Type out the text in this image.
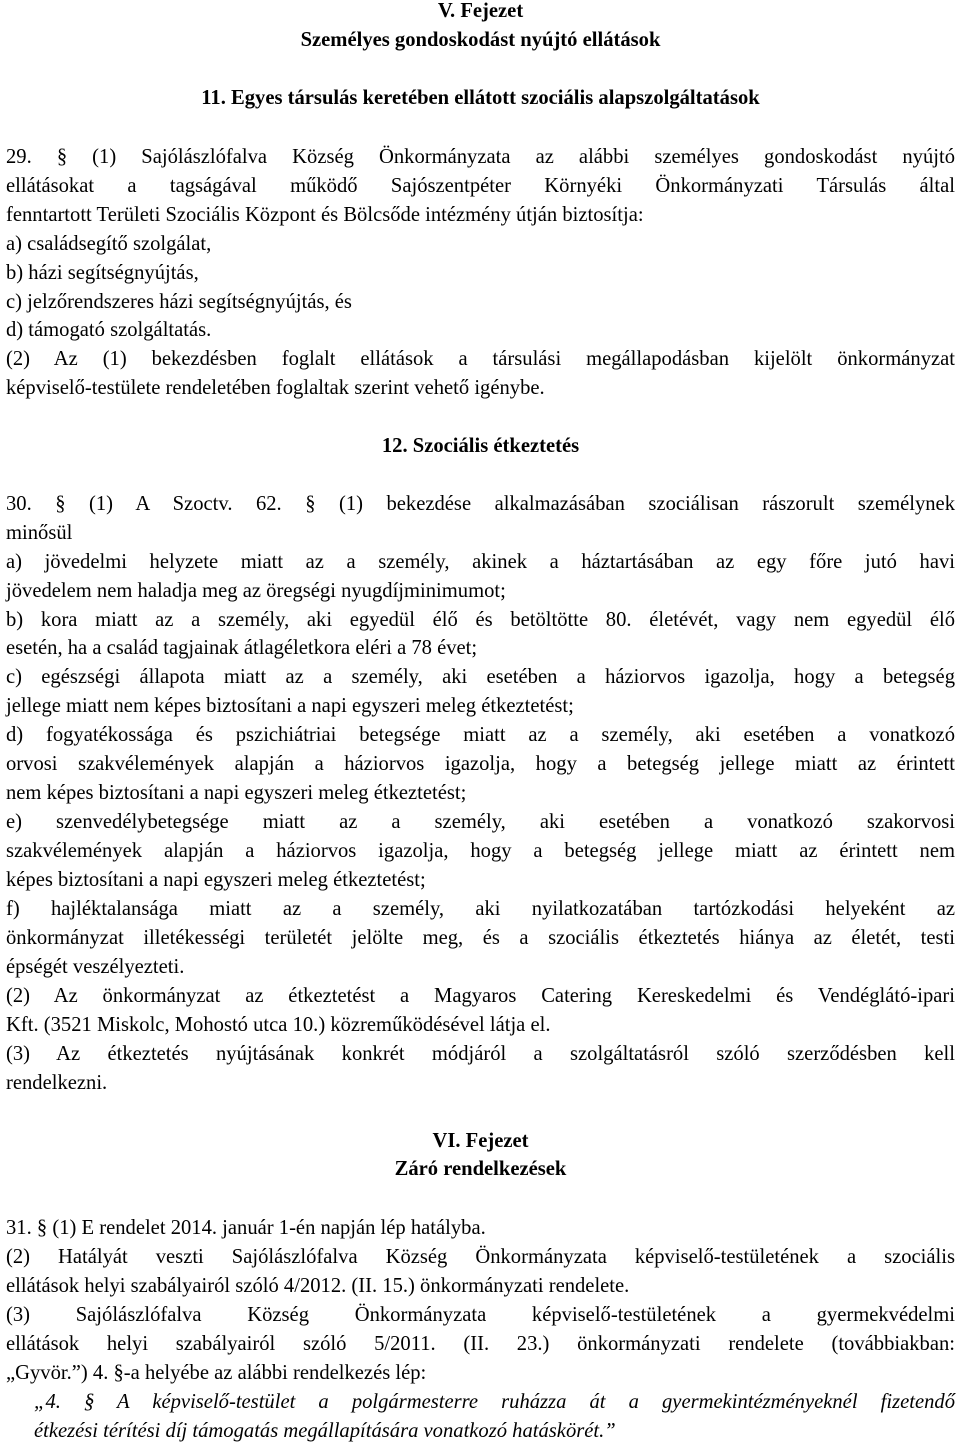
V. Fejezet
Személyes gondoskodást nyújtó ellátások
11. Egyes társulás keretében ellátott szociális alapszolgáltatások
29. § (1) Sajólászlófalva Község Önkormányzata az alábbi személyes gondoskodást nyújtó
ellátásokat a tagságával működő Sajószentpéter Környéki Önkormányzati Társulás által
fenntartott Területi Szociális Központ és Bölcsőde intézmény útján biztosítja:
a) családsegítő szolgálat,
b) házi segítségnyújtás,
c) jelzőrendszeres házi segítségnyújtás, és
d) támogató szolgáltatás.
(2) Az (1) bekezdésben foglalt ellátások a társulási megállapodásban kijelölt önkormányzat
képviselő-testülete rendeletében foglaltak szerint vehető igénybe.
12. Szociális étkeztetés
30. § (1) A Szoctv. 62. § (1) bekezdése alkalmazásában szociálisan rászorult személynek
minősül
a) jövedelmi helyzete miatt az a személy, akinek a háztartásában az egy főre jutó havi
jövedelem nem haladja meg az öregségi nyugdíjminimumot;
b) kora miatt az a személy, aki egyedül élő és betöltötte 80. életévét, vagy nem egyedül élő
esetén, ha a család tagjainak átlagéletkora eléri a 78 évet;
c) egészségi állapota miatt az a személy, aki esetében a háziorvos igazolja, hogy a betegség
jellege miatt nem képes biztosítani a napi egyszeri meleg étkeztetést;
d) fogyatékossága és pszichiátriai betegsége miatt az a személy, aki esetében a vonatkozó
orvosi szakvélemények alapján a háziorvos igazolja, hogy a betegség jellege miatt az érintett
nem képes biztosítani a napi egyszeri meleg étkeztetést;
e) szenvedélybetegsége miatt az a személy, aki esetében a vonatkozó szakorvosi
szakvélemények alapján a háziorvos igazolja, hogy a betegség jellege miatt az érintett nem
képes biztosítani a napi egyszeri meleg étkeztetést;
f) hajléktalansága miatt az a személy, aki nyilatkozatában tartózkodási helyeként az
önkormányzat illetékességi területét jelölte meg, és a szociális étkeztetés hiánya az életét, testi
épségét veszélyezteti.
(2) Az önkormányzat az étkeztetést a Magyaros Catering Kereskedelmi és Vendéglátó-ipari
Kft. (3521 Miskolc, Mohostó utca 10.) közreműködésével látja el.
(3) Az étkeztetés nyújtásának konkrét módjáról a szolgáltatásról szóló szerződésben kell
rendelkezni.
VI. Fejezet
Záró rendelkezések
31. § (1) E rendelet 2014. január 1-én napján lép hatályba.
(2) Hatályát veszti Sajólászlófalva Község Önkormányzata képviselő-testületének a szociális
ellátások helyi szabályairól szóló 4/2012. (II. 15.) önkormányzati rendelete.
(3) Sajólászlófalva Község Önkormányzata képviselő-testületének a gyermekvédelmi
ellátások helyi szabályairól szóló 5/2011. (II. 23.) önkormányzati rendelete (továbbiakban:
„Gyvör.”) 4. §-a helyébe az alábbi rendelkezés lép:
„4. § A képviselő-testület a polgármesterre ruházza át a gyermekintézményeknél fizetendő
étkezési térítési díj támogatás megállapítására vonatkozó hatáskörét.”
